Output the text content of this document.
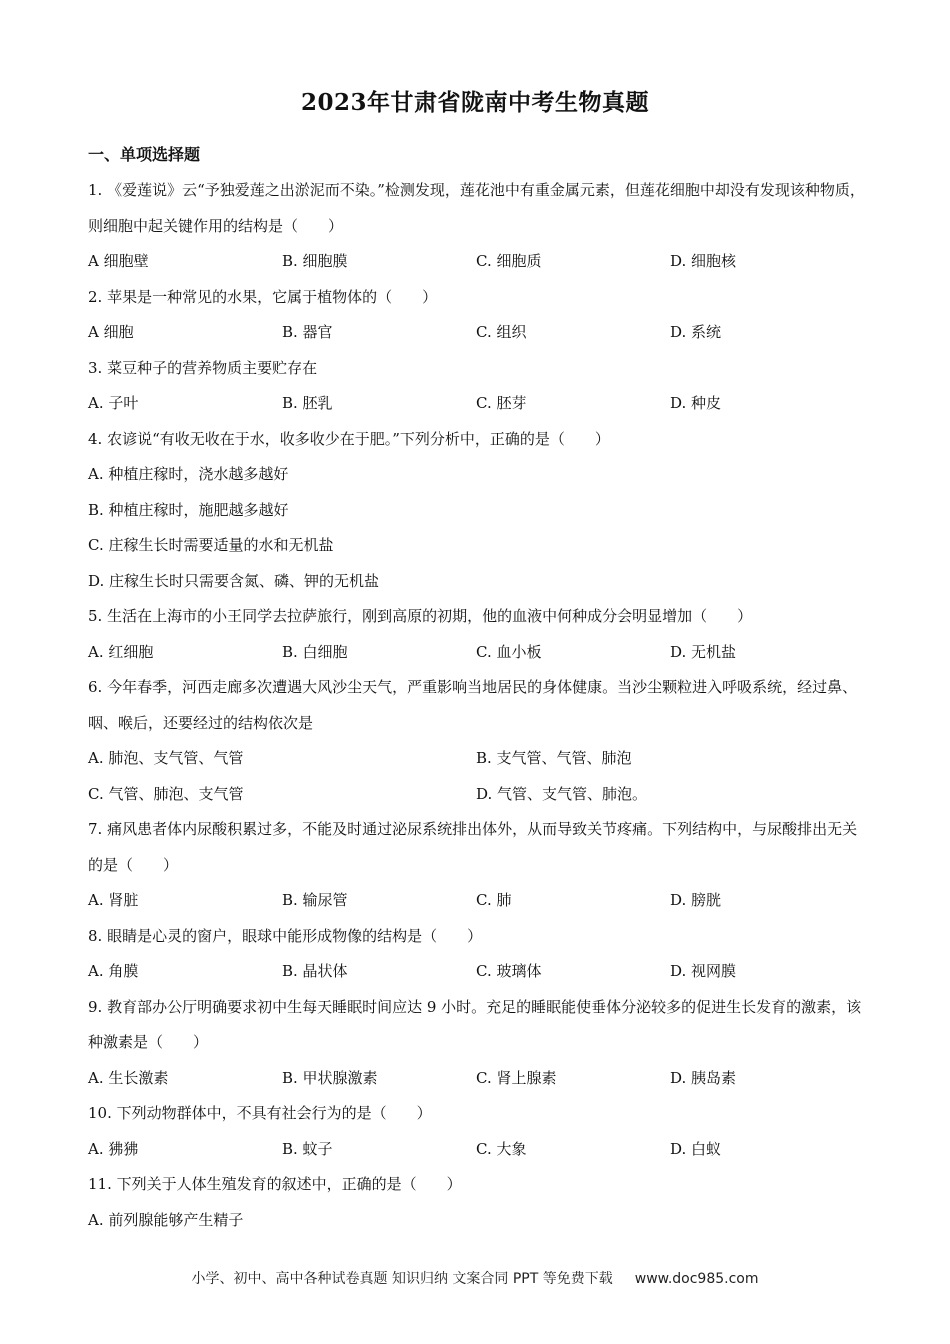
2023年甘肃省陇南中考生物真题
一、单项选择题

1. 《爱莲说》云“予独爱莲之出淤泥而不染。”检测发现，莲花池中有重金属元素，但莲花细胞中却没有发现该种物质，则细胞中起关键作用的结构是（　　）

A 细胞壁	B. 细胞膜	C. 细胞质	D. 细胞核

2. 苹果是一种常见的水果，它属于植物体的（　　）

A 细胞	B. 器官	C. 组织	D. 系统

3. 菜豆种子的营养物质主要贮存在

A. 子叶	B. 胚乳	C. 胚芽	D. 种皮

4. 农谚说“有收无收在于水，收多收少在于肥。”下列分析中，正确的是（　　）

A. 种植庄稼时，浇水越多越好
B. 种植庄稼时，施肥越多越好
C. 庄稼生长时需要适量的水和无机盐
D. 庄稼生长时只需要含氮、磷、钾的无机盐

5. 生活在上海市的小王同学去拉萨旅行，刚到高原的初期，他的血液中何种成分会明显增加（　　）

A. 红细胞	B. 白细胞	C. 血小板	D. 无机盐

6. 今年春季，河西走廊多次遭遇大风沙尘天气，严重影响当地居民的身体健康。当沙尘颗粒进入呼吸系统，经过鼻、咽、喉后，还要经过的结构依次是

A. 肺泡、支气管、气管	B. 支气管、气管、肺泡
C. 气管、肺泡、支气管	D. 气管、支气管、肺泡。

7. 痛风患者体内尿酸积累过多，不能及时通过泌尿系统排出体外，从而导致关节疼痛。下列结构中，与尿酸排出无关的是（　　）

A. 肾脏	B. 输尿管	C. 肺	D. 膀胱

8. 眼睛是心灵的窗户，眼球中能形成物像的结构是（　　）

A. 角膜	B. 晶状体	C. 玻璃体	D. 视网膜

9. 教育部办公厅明确要求初中生每天睡眠时间应达 9 小时。充足的睡眠能使垂体分泌较多的促进生长发育的激素，该种激素是（　　）

A. 生长激素	B. 甲状腺激素	C. 肾上腺素	D. 胰岛素

10. 下列动物群体中，不具有社会行为的是（　　）

A. 狒狒	B. 蚊子	C. 大象	D. 白蚁

11. 下列关于人体生殖发育的叙述中，正确的是（　　）

A. 前列腺能够产生精子
小学、初中、高中各种试卷真题 知识归纳 文案合同 PPT 等免费下载 www.doc985.com
